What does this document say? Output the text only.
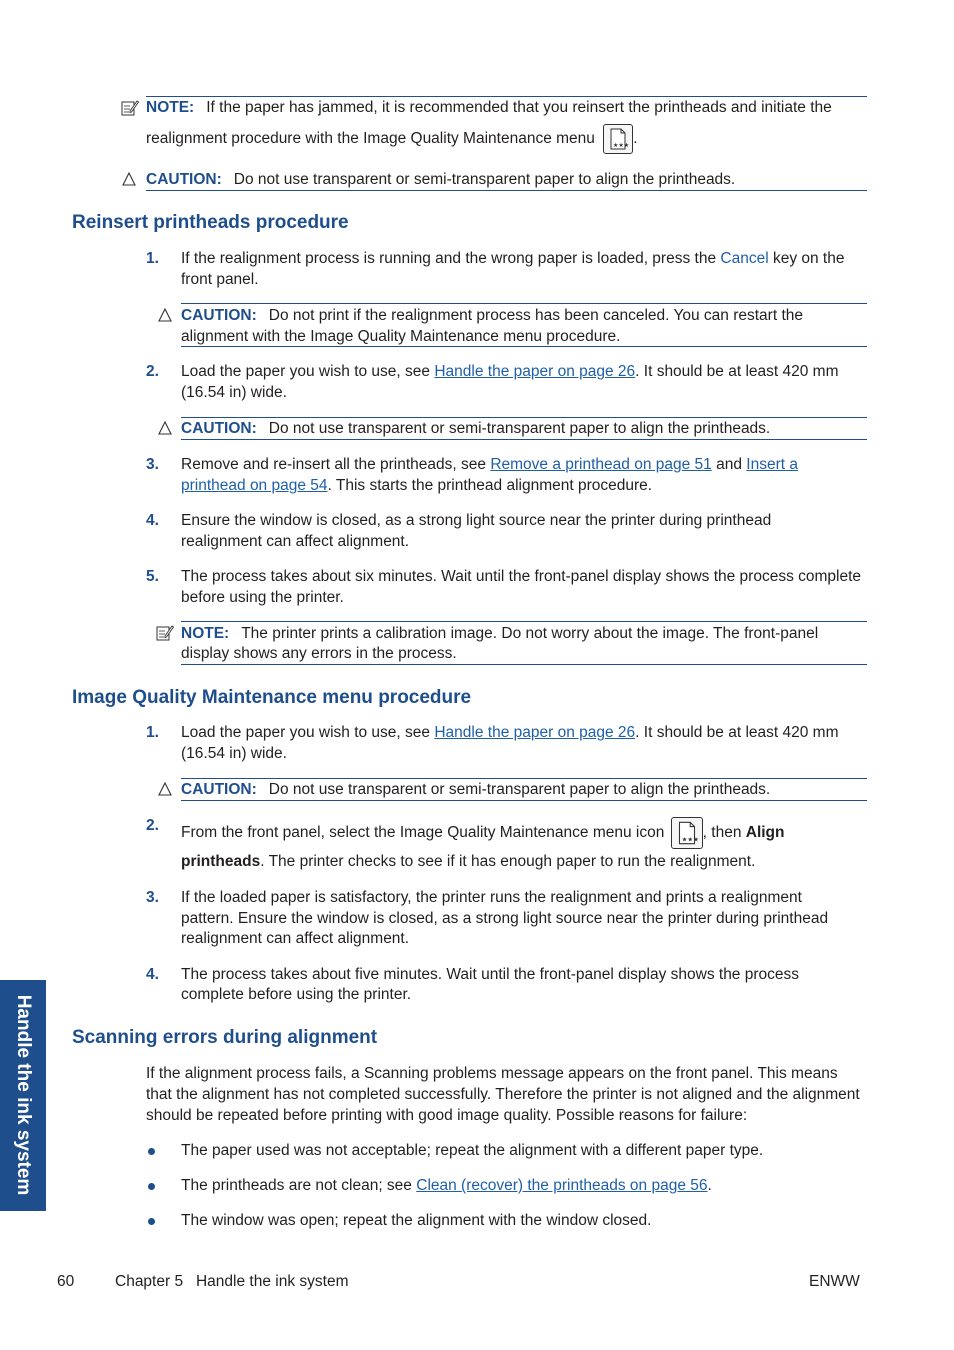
NOTE: If the paper has jammed, it is recommended that you reinsert the printheads and initiate the
realignment procedure with the Image Quality Maintenance menu	★★★ .
CAUTION: Do not use transparent or semi-transparent paper to align the printheads.
Reinsert printheads procedure
1. If the realignment process is running and the wrong paper is loaded, press the Cancel key on the
front panel.
CAUTION: Do not print if the realignment process has been canceled. You can restart the
alignment with the Image Quality Maintenance menu procedure.
2. Load the paper you wish to use, see Handle the paper on page 26. It should be at least 420 mm
(16.54 in) wide.
CAUTION: Do not use transparent or semi-transparent paper to align the printheads.
3. Remove and re-insert all the printheads, see Remove a printhead on page 51 and Insert a
printhead on page 54. This starts the printhead alignment procedure.
4. Ensure the window is closed, as a strong light source near the printer during printhead
realignment can affect alignment.
5. The process takes about six minutes. Wait until the front-panel display shows the process complete
before using the printer.
NOTE: The printer prints a calibration image. Do not worry about the image. The front-panel
display shows any errors in the process.
Image Quality Maintenance menu procedure
1. Load the paper you wish to use, see Handle the paper on page 26. It should be at least 420 mm
(16.54 in) wide.
CAUTION: Do not use transparent or semi-transparent paper to align the printheads.
2. From the front panel, select the Image Quality Maintenance menu icon	★★★ , then Align
printheads. The printer checks to see if it has enough paper to run the realignment.
3. If the loaded paper is satisfactory, the printer runs the realignment and prints a realignment
pattern. Ensure the window is closed, as a strong light source near the printer during printhead
realignment can affect alignment.
4. The process takes about five minutes. Wait until the front-panel display shows the process
complete before using the printer.
Scanning errors during alignment
If the alignment process fails, a Scanning problems message appears on the front panel. This means
that the alignment has not completed successfully. Therefore the printer is not aligned and the alignment
should be repeated before printing with good image quality. Possible reasons for failure:
The paper used was not acceptable; repeat the alignment with a different paper type.
The printheads are not clean; see Clean (recover) the printheads on page 56.
The window was open; repeat the alignment with the window closed.
Handle the ink system
60	Chapter 5   Handle the ink system	ENWW
